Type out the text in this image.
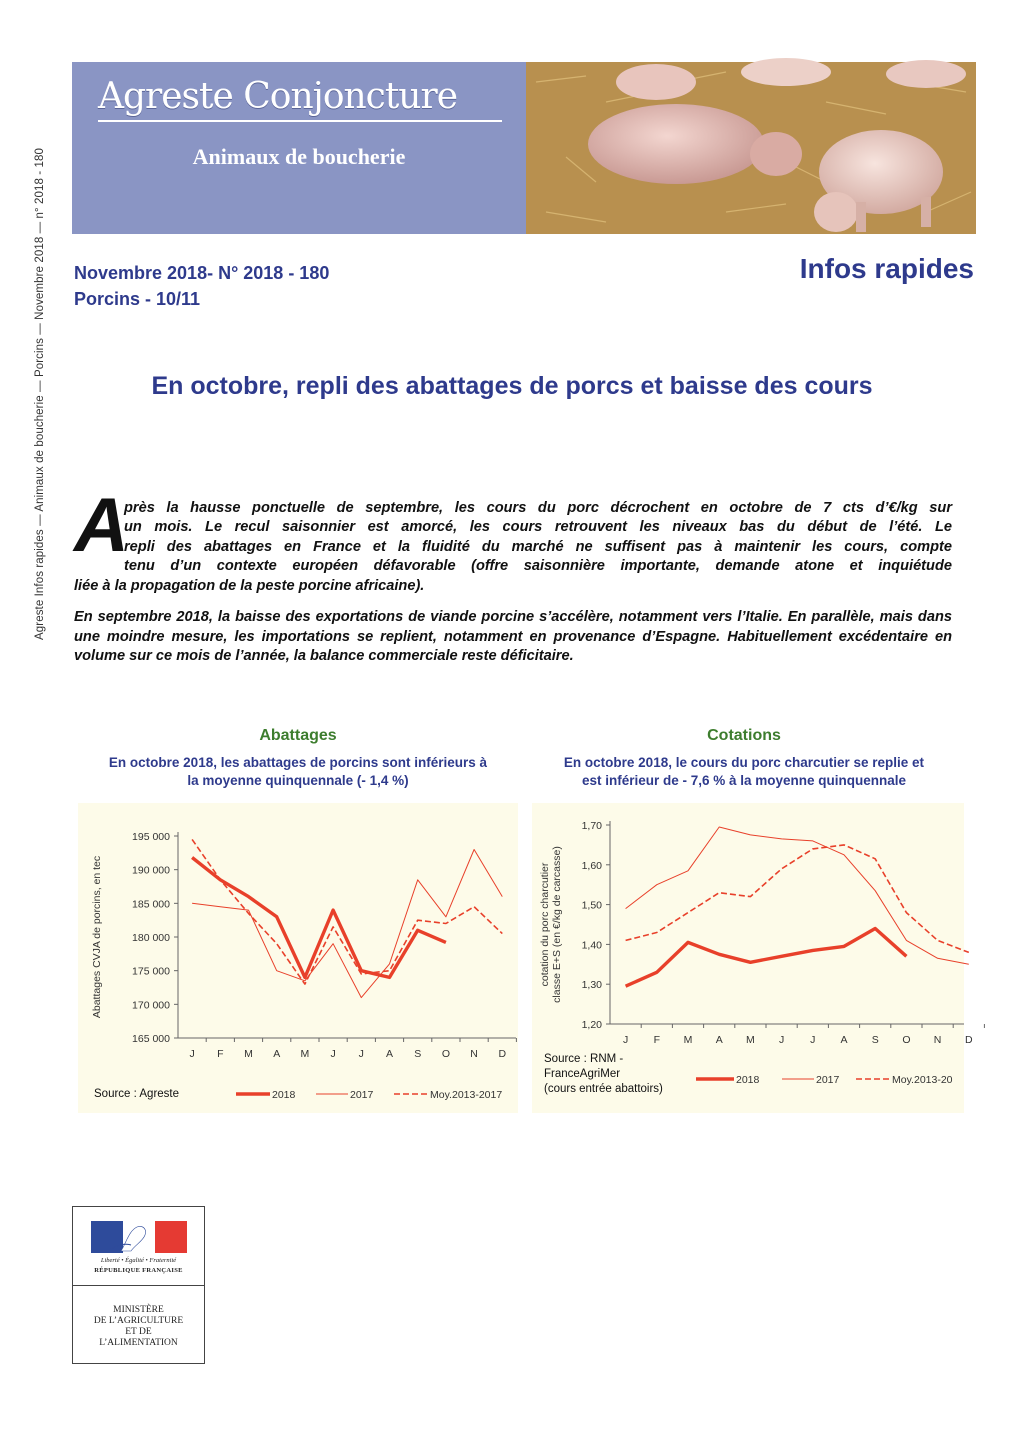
Agreste Infos rapides — Animaux de boucherie — Porcins — Novembre 2018 — n° 2018 - 180
Agreste Conjoncture
Animaux de boucherie
Novembre 2018- N° 2018 - 180
Porcins - 10/11
Infos rapides
En octobre, repli des abattages de porcs et baisse des cours
A

près la hausse ponctuelle de septembre, les cours du porc décrochent en octobre de 7 cts d’€/kg sur

un mois. Le recul saisonnier est amorcé, les cours retrouvent les niveaux bas du début de l’été. Le

repli des abattages en France et la fluidité du marché ne suffisent pas à maintenir les cours, compte

tenu d’un contexte européen défavorable (offre saisonnière importante, demande atone et inquiétude

liée à la propagation de la peste porcine africaine).

En septembre 2018, la baisse des exportations de viande porcine s’accélère, notamment vers l’Italie. En parallèle, mais dans une moindre mesure, les importations se replient, notamment en provenance d’Espagne. Habituellement excédentaire en volume sur ce mois de l’année, la balance commerciale reste déficitaire.

Abattages
En octobre 2018, les abattages de porcins sont inférieurs à
la moyenne quinquennale (- 1,4 %)
Cotations
En octobre 2018, le cours du porc charcutier se replie et
est inférieur de - 7,6 % à la moyenne quinquennale
165 000
170 000
175 000
180 000
185 000
190 000
195 000
J F M A M J J A S O N D
Abattages CVJA de porcins, en tec
2018	2017	Moy.2013-2017
Source : Agreste
1,20
1,30
1,40
1,50
1,60
1,70
J F M A M J J A S O N D
cotation du porc charcutier classe E+S (en €/kg de carcasse)
2018	2017	Moy.2013-20
Source : RNM -
FranceAgriMer
(cours entrée abattoirs)
Liberté • Égalité • Fraternité
RÉPUBLIQUE FRANÇAISE
MINISTÈRE
DE L’AGRICULTURE
ET DE
L’ALIMENTATION
